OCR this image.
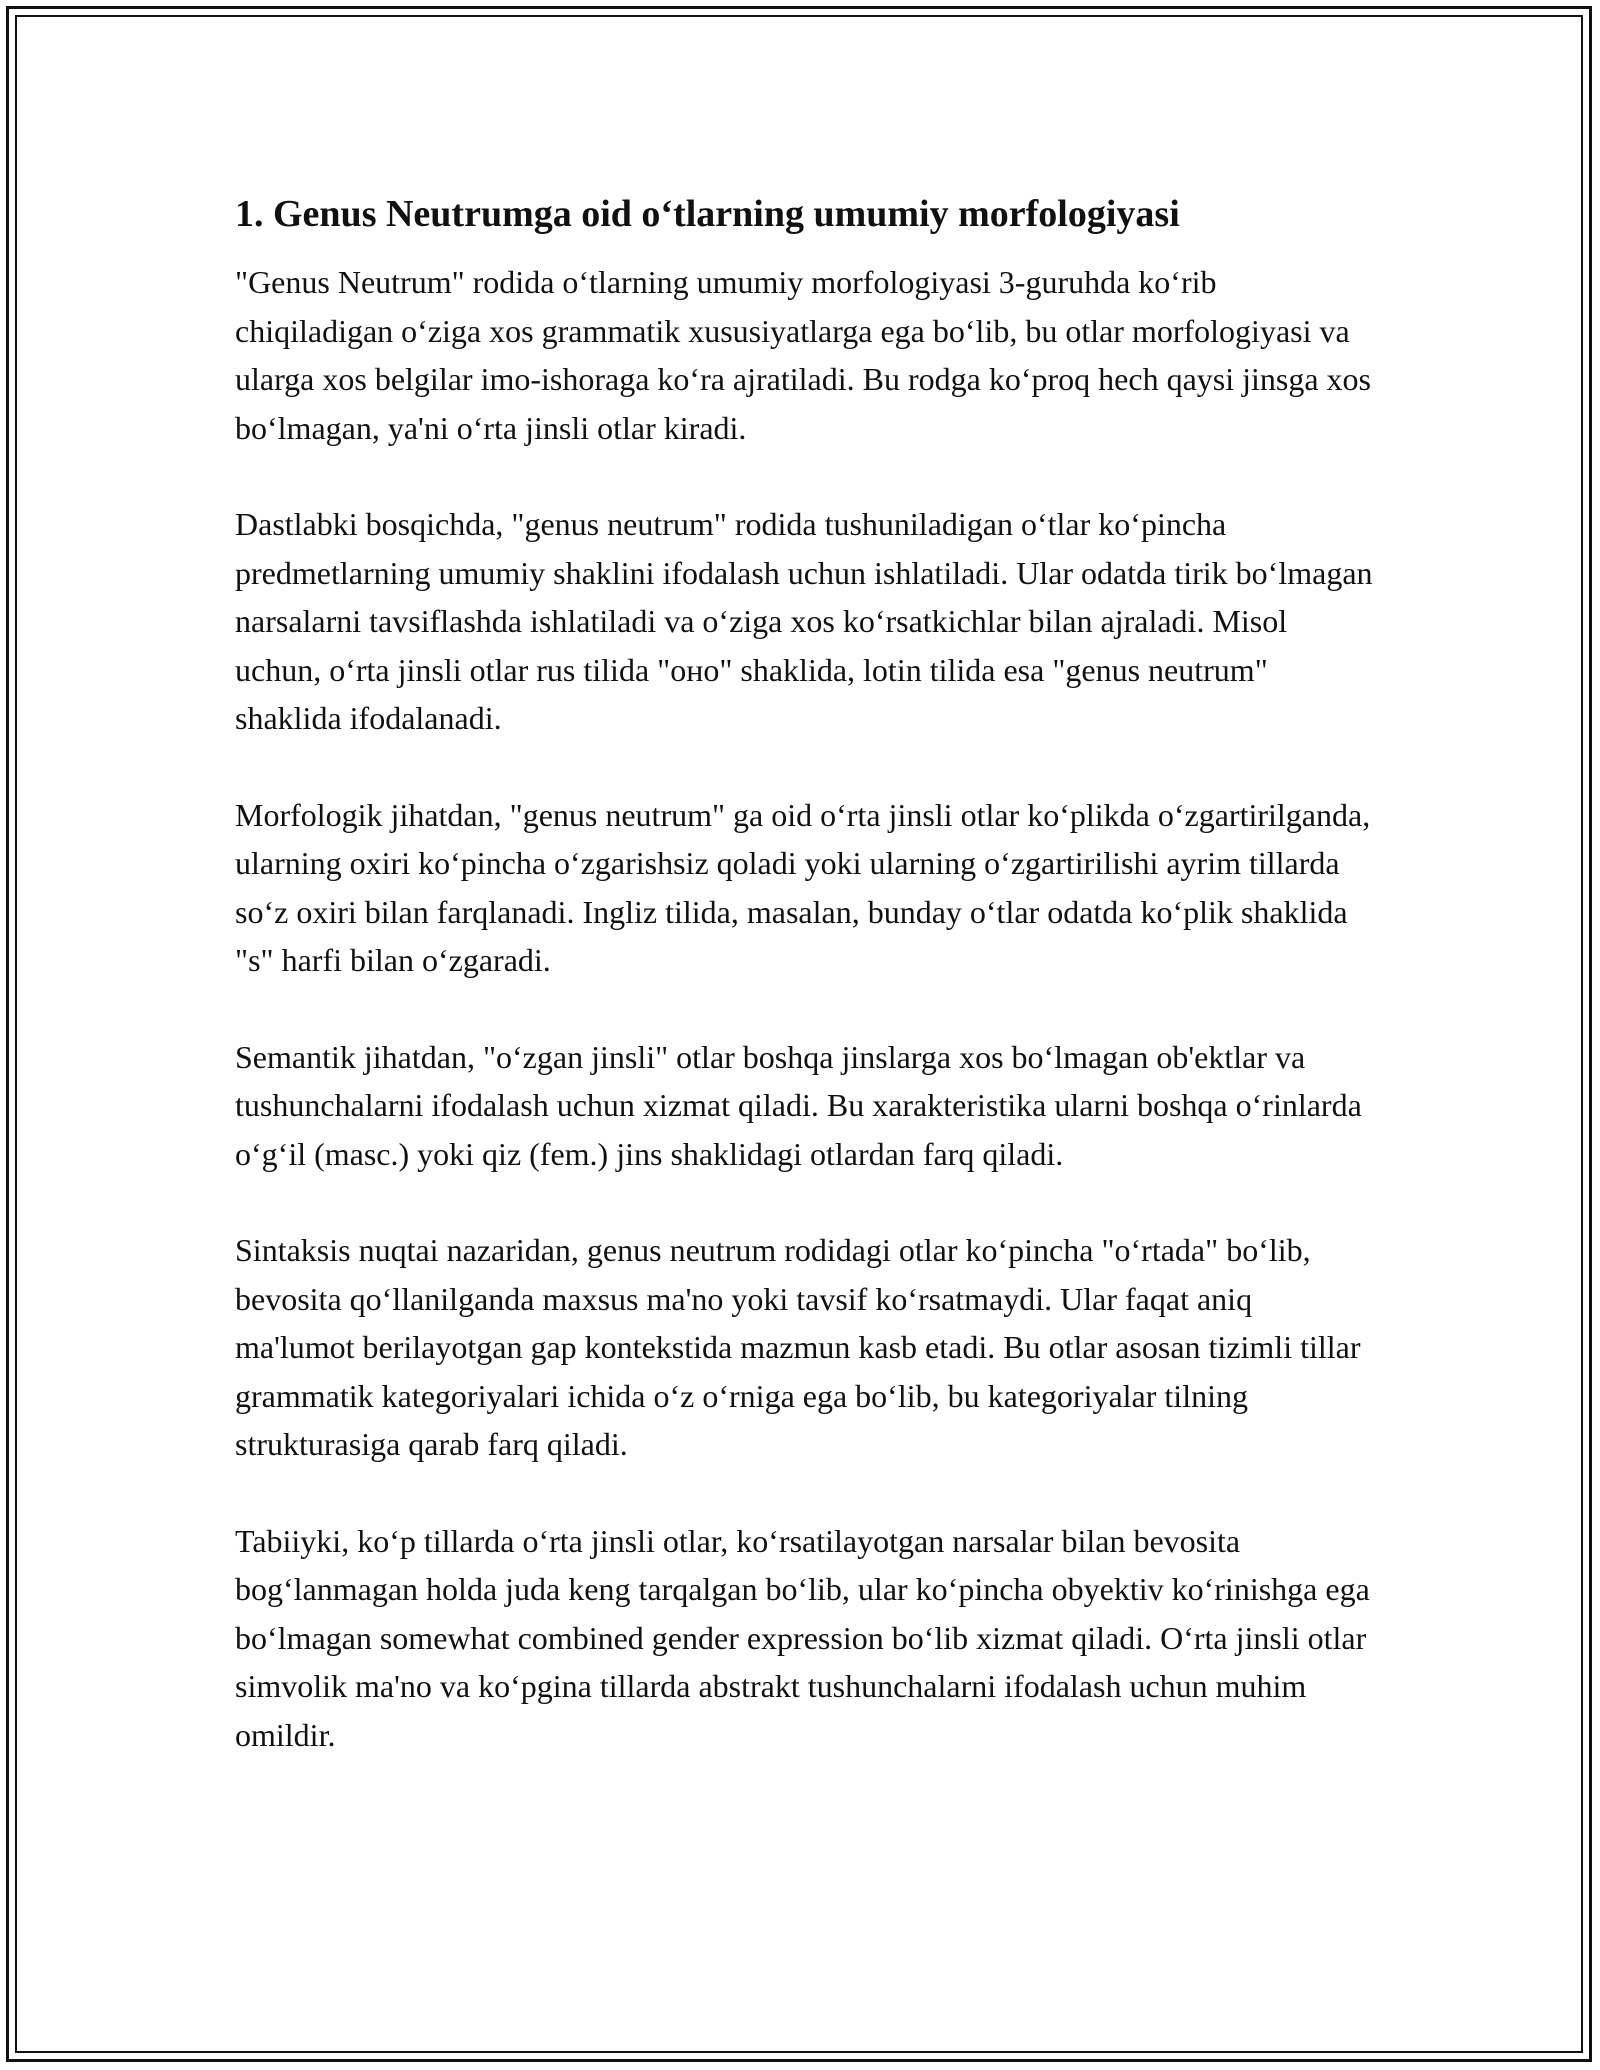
1. Genus Neutrumga oid o‘tlarning umumiy morfologiyasi

"Genus Neutrum" rodida o‘tlarning umumiy morfologiyasi 3-guruhda ko‘rib chiqiladigan o‘ziga xos grammatik xususiyatlarga ega bo‘lib, bu otlar morfologiyasi va ularga xos belgilar imo-ishoraga ko‘ra ajratiladi. Bu rodga ko‘proq hech qaysi jinsga xos bo‘lmagan, ya'ni o‘rta jinsli otlar kiradi.

Dastlabki bosqichda, "genus neutrum" rodida tushuniladigan o‘tlar ko‘pincha predmetlarning umumiy shaklini ifodalash uchun ishlatiladi. Ular odatda tirik bo‘lmagan narsalarni tavsiflashda ishlatiladi va o‘ziga xos ko‘rsatkichlar bilan ajraladi. Misol uchun, o‘rta jinsli otlar rus tilida "оно" shaklida, lotin tilida esa "genus neutrum" shaklida ifodalanadi.

Morfologik jihatdan, "genus neutrum" ga oid o‘rta jinsli otlar ko‘plikda o‘zgartirilganda, ularning oxiri ko‘pincha o‘zgarishsiz qoladi yoki ularning o‘zgartirilishi ayrim tillarda so‘z oxiri bilan farqlanadi. Ingliz tilida, masalan, bunday o‘tlar odatda ko‘plik shaklida "s" harfi bilan o‘zgaradi.

Semantik jihatdan, "o‘zgan jinsli" otlar boshqa jinslarga xos bo‘lmagan ob'ektlar va tushunchalarni ifodalash uchun xizmat qiladi. Bu xarakteristika ularni boshqa o‘rinlarda o‘g‘il (masc.) yoki qiz (fem.) jins shaklidagi otlardan farq qiladi.

Sintaksis nuqtai nazaridan, genus neutrum rodidagi otlar ko‘pincha "o‘rtada" bo‘lib, bevosita qo‘llanilganda maxsus ma'no yoki tavsif ko‘rsatmaydi. Ular faqat aniq ma'lumot berilayotgan gap kontekstida mazmun kasb etadi. Bu otlar asosan tizimli tillar grammatik kategoriyalari ichida o‘z o‘rniga ega bo‘lib, bu kategoriyalar tilning strukturasiga qarab farq qiladi.

Tabiiyki, ko‘p tillarda o‘rta jinsli otlar, ko‘rsatilayotgan narsalar bilan bevosita bog‘lanmagan holda juda keng tarqalgan bo‘lib, ular ko‘pincha obyektiv ko‘rinishga ega bo‘lmagan somewhat combined gender expression bo‘lib xizmat qiladi. O‘rta jinsli otlar simvolik ma'no va ko‘pgina tillarda abstrakt tushunchalarni ifodalash uchun muhim omildir.
